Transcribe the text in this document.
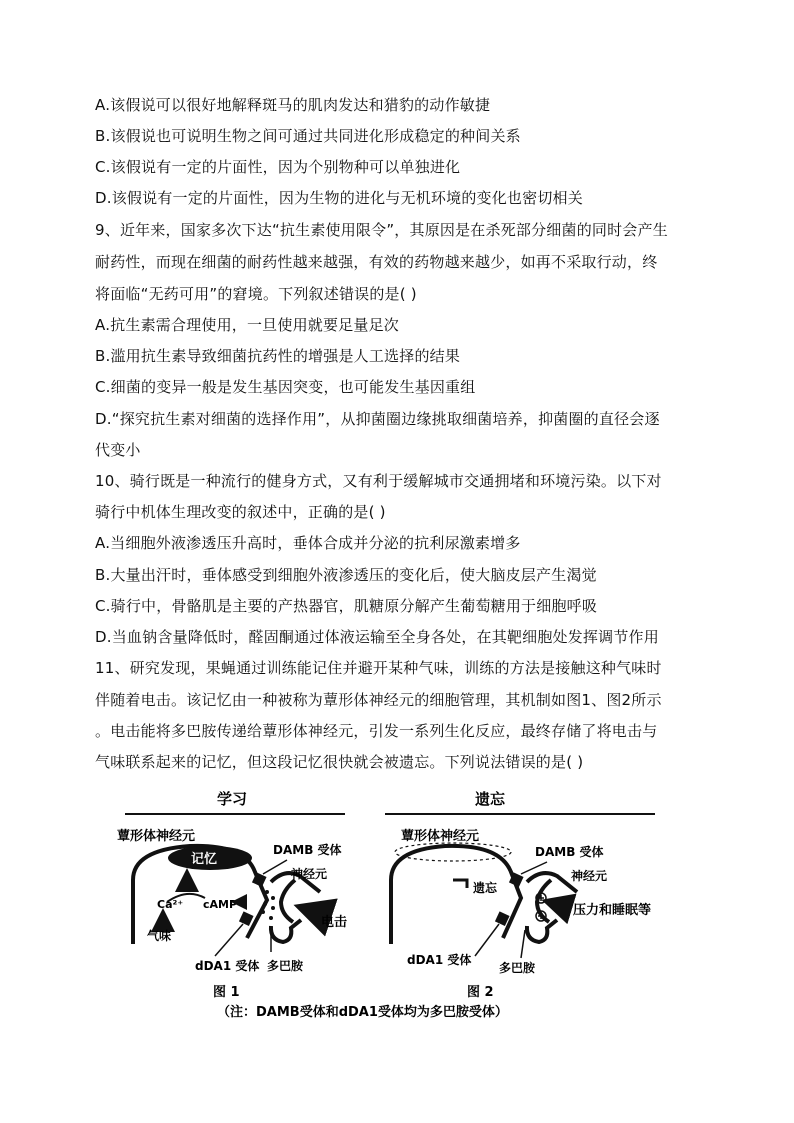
A.该假说可以很好地解释斑马的肌肉发达和猎豹的动作敏捷
B.该假说也可说明生物之间可通过共同进化形成稳定的种间关系
C.该假说有一定的片面性，因为个别物种可以单独进化
D.该假说有一定的片面性，因为生物的进化与无机环境的变化也密切相关
9、近年来，国家多次下达“抗生素使用限令”，其原因是在杀死部分细菌的同时会产生
耐药性，而现在细菌的耐药性越来越强，有效的药物越来越少，如再不采取行动，终
将面临“无药可用”的窘境。下列叙述错误的是( )
A.抗生素需合理使用，一旦使用就要足量足次
B.滥用抗生素导致细菌抗药性的增强是人工选择的结果
C.细菌的变异一般是发生基因突变，也可能发生基因重组
D.“探究抗生素对细菌的选择作用”，从抑菌圈边缘挑取细菌培养，抑菌圈的直径会逐
代变小
10、骑行既是一种流行的健身方式，又有利于缓解城市交通拥堵和环境污染。以下对
骑行中机体生理改变的叙述中，正确的是( )
A.当细胞外液渗透压升高时，垂体合成并分泌的抗利尿激素增多
B.大量出汗时，垂体感受到细胞外液渗透压的变化后，使大脑皮层产生渴觉
C.骑行中，骨骼肌是主要的产热器官，肌糖原分解产生葡萄糖用于细胞呼吸
D.当血钠含量降低时，醛固酮通过体液运输至全身各处，在其靶细胞处发挥调节作用
11、研究发现，果蝇通过训练能记住并避开某种气味，训练的方法是接触这种气味时
伴随着电击。该记忆由一种被称为蕈形体神经元的细胞管理，其机制如图1、图2所示
。电击能将多巴胺传递给蕈形体神经元，引发一系列生化反应，最终存储了将电击与
气味联系起来的记忆，但这段记忆很快就会被遗忘。下列说法错误的是( )
学习
蕈形体神经元
记忆
Ca²⁺ cAMP
气味
电击
DAMB 受体
神经元
dDA1 受体 多巴胺
图 1
遗忘
蕈形体神经元
遗忘
压力和睡眠等
DAMB 受体
神经元
dDA1 受体
多巴胺
图 2
（注：DAMB受体和dDA1受体均为多巴胺受体）
